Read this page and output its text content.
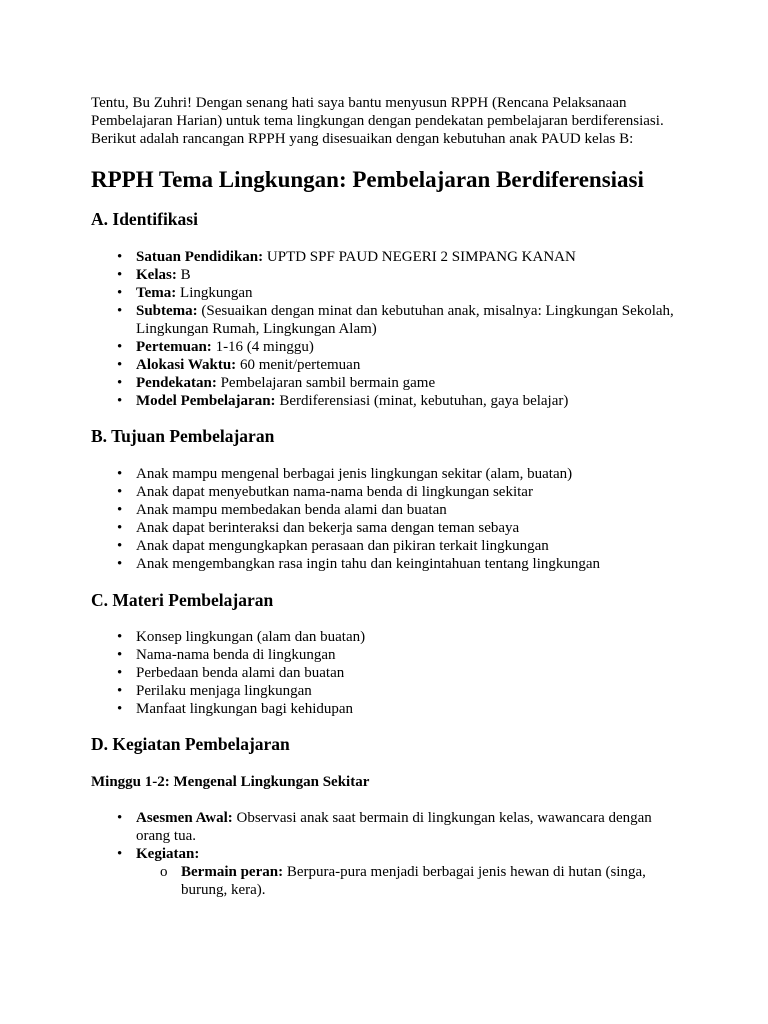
Tentu, Bu Zuhri! Dengan senang hati saya bantu menyusun RPPH (Rencana Pelaksanaan Pembelajaran Harian) untuk tema lingkungan dengan pendekatan pembelajaran berdiferensiasi. Berikut adalah rancangan RPPH yang disesuaikan dengan kebutuhan anak PAUD kelas B:

RPPH Tema Lingkungan: Pembelajaran Berdiferensiasi
A. Identifikasi
• Satuan Pendidikan: UPTD SPF PAUD NEGERI 2 SIMPANG KANAN
• Kelas: B
• Tema: Lingkungan
• Subtema: (Sesuaikan dengan minat dan kebutuhan anak, misalnya: Lingkungan Sekolah, Lingkungan Rumah, Lingkungan Alam)
• Pertemuan: 1-16 (4 minggu)
• Alokasi Waktu: 60 menit/pertemuan
• Pendekatan: Pembelajaran sambil bermain game
• Model Pembelajaran: Berdiferensiasi (minat, kebutuhan, gaya belajar)
B. Tujuan Pembelajaran
• Anak mampu mengenal berbagai jenis lingkungan sekitar (alam, buatan)
• Anak dapat menyebutkan nama-nama benda di lingkungan sekitar
• Anak mampu membedakan benda alami dan buatan
• Anak dapat berinteraksi dan bekerja sama dengan teman sebaya
• Anak dapat mengungkapkan perasaan dan pikiran terkait lingkungan
• Anak mengembangkan rasa ingin tahu dan keingintahuan tentang lingkungan
C. Materi Pembelajaran
• Konsep lingkungan (alam dan buatan)
• Nama-nama benda di lingkungan
• Perbedaan benda alami dan buatan
• Perilaku menjaga lingkungan
• Manfaat lingkungan bagi kehidupan
D. Kegiatan Pembelajaran
Minggu 1-2: Mengenal Lingkungan Sekitar
• Asesmen Awal: Observasi anak saat bermain di lingkungan kelas, wawancara dengan orang tua.
• Kegiatan:
o Bermain peran: Berpura-pura menjadi berbagai jenis hewan di hutan (singa, burung, kera).
